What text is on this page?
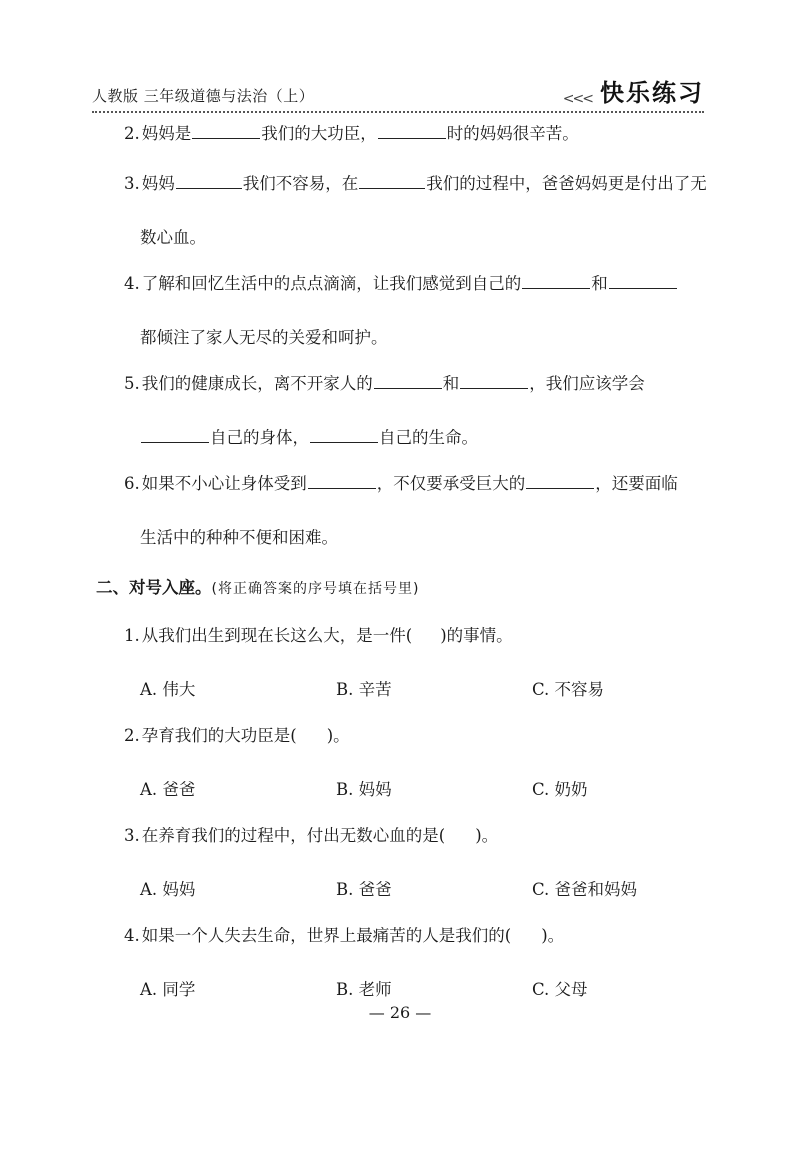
人教版 三年级道德与法治（上）	<<< 快乐练习
2. 妈妈是	我们的大功臣，	时的妈妈很辛苦。
3. 妈妈	我们不容易，在	我们的过程中，爸爸妈妈更是付出了无
数心血。
4. 了解和回忆生活中的点点滴滴，让我们感觉到自己的	和
都倾注了家人无尽的关爱和呵护。
5. 我们的健康成长，离不开家人的	和	，我们应该学会
自己的身体，	自己的生命。
6. 如果不小心让身体受到	，不仅要承受巨大的	，还要面临
生活中的种种不便和困难。
二、对号入座。(将正确答案的序号填在括号里)
1. 从我们出生到现在长这么大，是一件( )的事情。
A. 伟大	B. 辛苦	C. 不容易
2. 孕育我们的大功臣是( )。
A. 爸爸	B. 妈妈	C. 奶奶
3. 在养育我们的过程中，付出无数心血的是( )。
A. 妈妈	B. 爸爸	C. 爸爸和妈妈
4. 如果一个人失去生命，世界上最痛苦的人是我们的( )。
A. 同学	B. 老师	C. 父母
— 26 —
